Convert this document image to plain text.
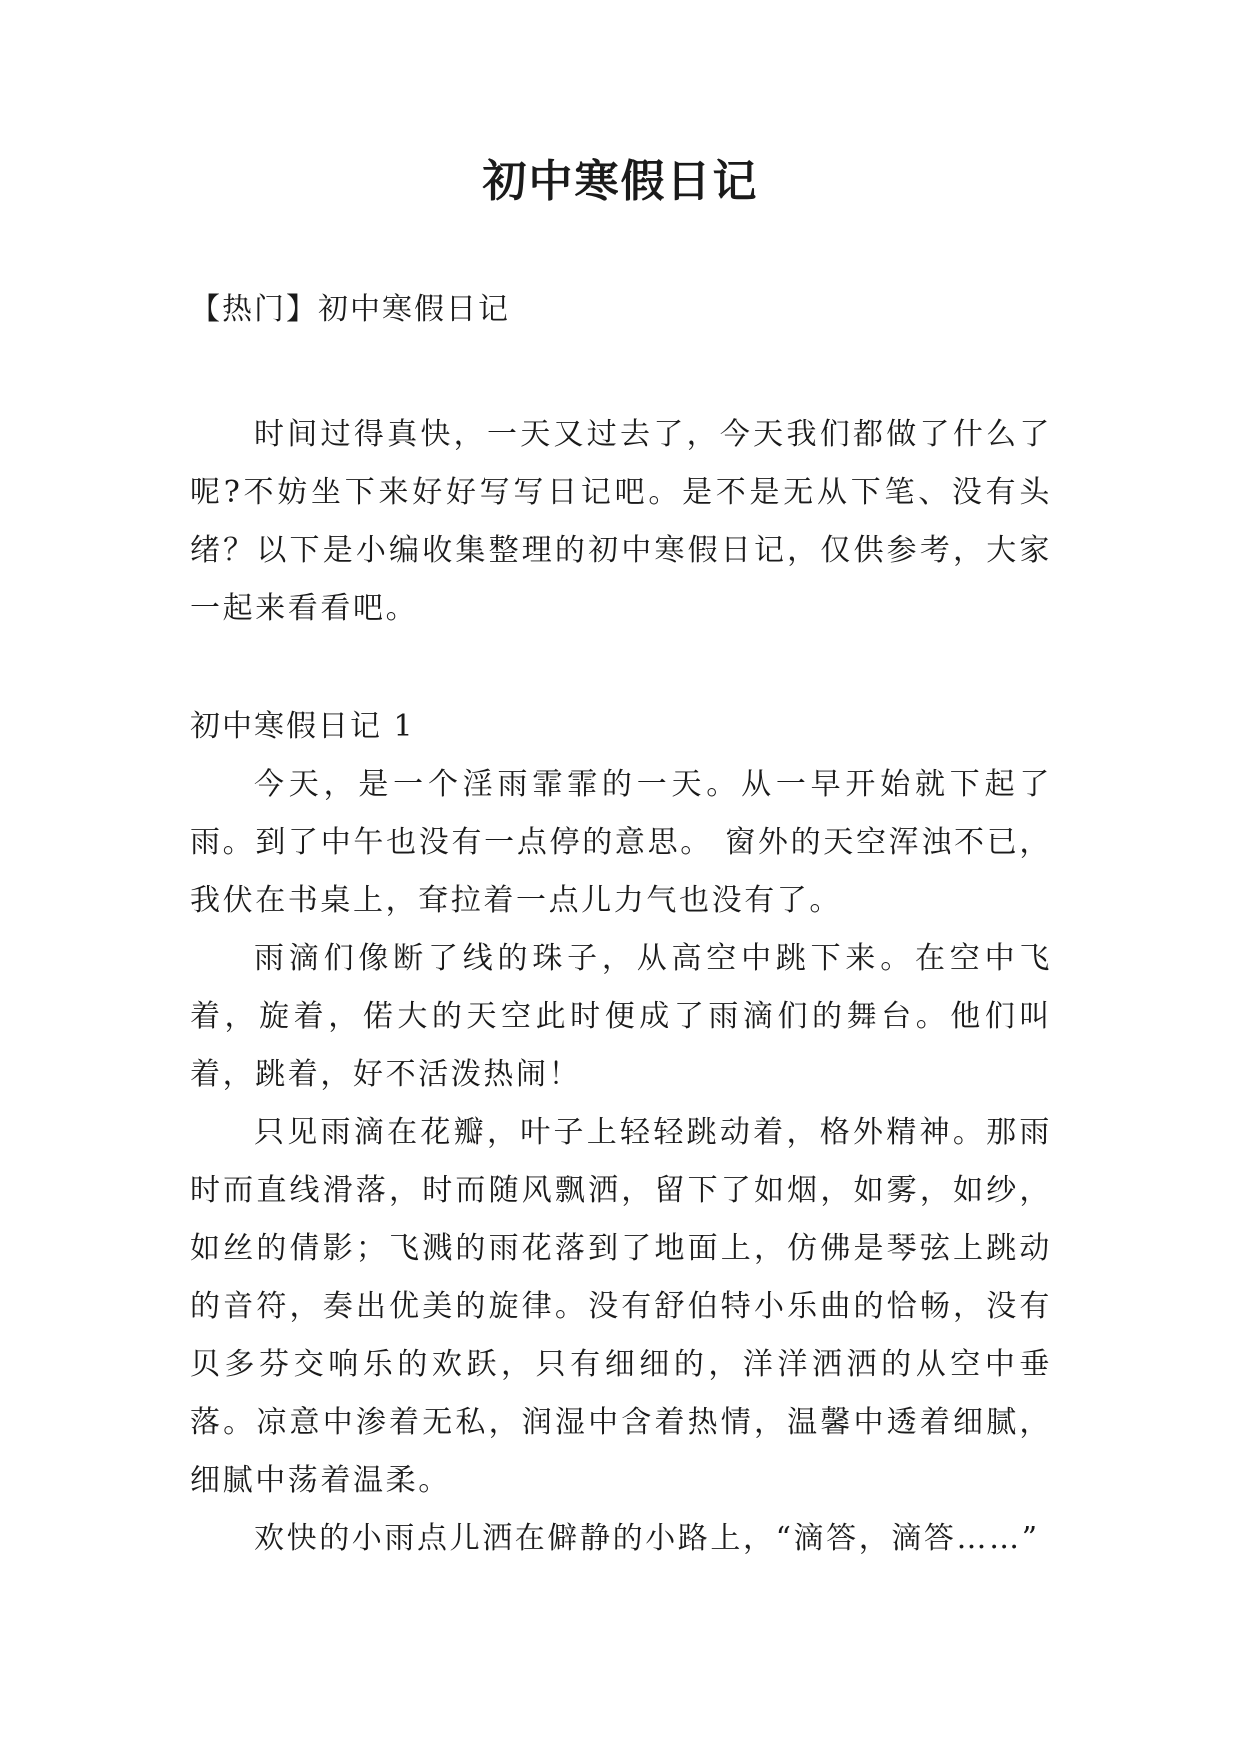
初中寒假日记
【热门】初中寒假日记

时间过得真快，一天又过去了，今天我们都做了什么了呢?不妨坐下来好好写写日记吧。是不是无从下笔、没有头绪？以下是小编收集整理的初中寒假日记，仅供参考，大家一起来看看吧。

初中寒假日记 1

今天，是一个淫雨霏霏的一天。从一早开始就下起了雨。到了中午也没有一点停的意思。 窗外的天空浑浊不已，我伏在书桌上，耷拉着一点儿力气也没有了。

雨滴们像断了线的珠子，从高空中跳下来。在空中飞着，旋着，偌大的天空此时便成了雨滴们的舞台。他们叫着，跳着，好不活泼热闹！

只见雨滴在花瓣，叶子上轻轻跳动着，格外精神。那雨时而直线滑落，时而随风飘洒，留下了如烟，如雾，如纱，如丝的倩影；飞溅的雨花落到了地面上，仿佛是琴弦上跳动的音符，奏出优美的旋律。没有舒伯特小乐曲的恰畅，没有贝多芬交响乐的欢跃，只有细细的，洋洋洒洒的从空中垂落。凉意中渗着无私，润湿中含着热情，温馨中透着细腻，细腻中荡着温柔。

欢快的小雨点儿洒在僻静的小路上，“滴答，滴答……”
